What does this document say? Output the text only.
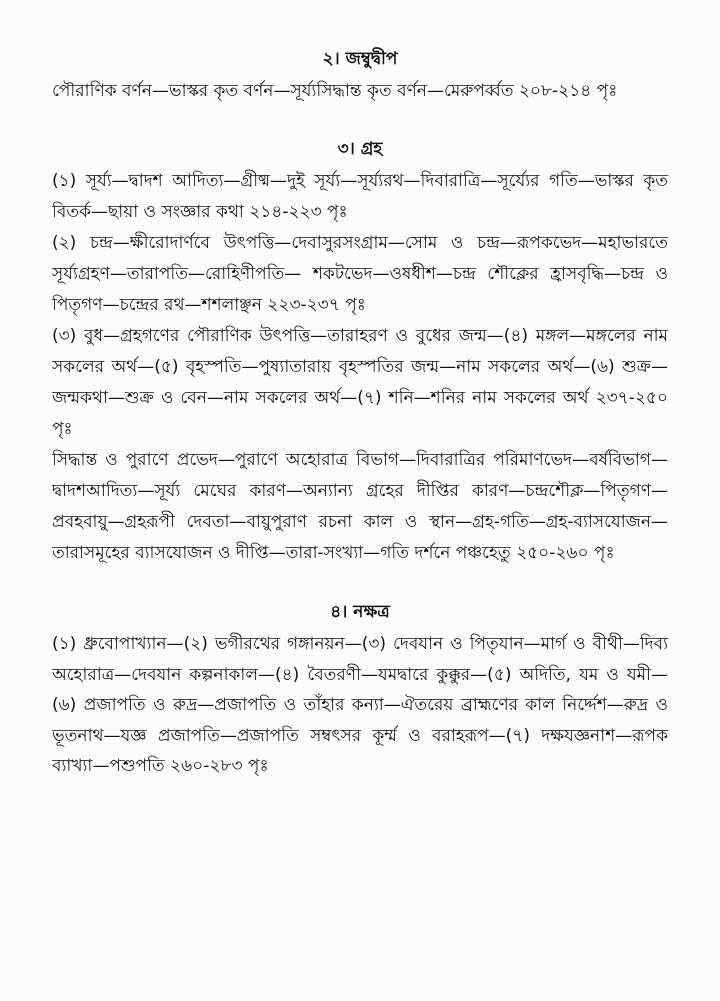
২। জম্বুদ্বীপ

পৌরাণিক বর্ণন—ভাস্কর কৃত বর্ণন—সূর্য্যসিদ্ধান্ত কৃত বর্ণন—মেরুপর্ব্বত ২০৮-২১৪ পৃঃ

৩। গ্রহ

(১) সূর্য্য—দ্বাদশ আদিত্য—গ্রীষ্ম—দুই সূর্য্য—সূর্য্যরথ—দিবারাত্রি—সূর্য্যের গতি—ভাস্কর কৃত বিতর্ক—ছায়া ও সংজ্ঞার কথা ২১৪-২২৩ পৃঃ

(২) চন্দ্র—ক্ষীরোদার্ণবে উৎপত্তি—দেবাসুরসংগ্রাম—সোম ও চন্দ্র—রূপকভেদ—মহাভারতে সূর্য্যগ্রহণ—তারাপতি—রোহিণীপতি— শকটভেদ—ওষধীশ—চন্দ্র শৌক্লের হ্রাসবৃদ্ধি—চন্দ্র ও পিতৃগণ—চন্দ্রের রথ—শশলাঞ্ছন ২২৩-২৩৭ পৃঃ

(৩) বুধ—গ্রহগণের পৌরাণিক উৎপত্তি—তারাহরণ ও বুধের জন্ম—(৪) মঙ্গল—মঙ্গলের নাম সকলের অর্থ—(৫) বৃহস্পতি—পুষ্যাতারায় বৃহস্পতির জন্ম—নাম সকলের অর্থ—(৬) শুক্র—জন্মকথা—শুক্র ও বেন—নাম সকলের অর্থ—(৭) শনি—শনির নাম সকলের অর্থ ২৩৭-২৫০ পৃঃ

সিদ্ধান্ত ও পুরাণে প্রভেদ—পুরাণে অহোরাত্র বিভাগ—দিবারাত্রির পরিমাণভেদ—বর্ষবিভাগ—দ্বাদশআদিত্য—সূর্য্য মেঘের কারণ—অন্যান্য গ্রহের দীপ্তির কারণ—চন্দ্রশৌক্ল—পিতৃগণ—প্রবহবায়ু—গ্রহরূপী দেবতা—বায়ুপুরাণ রচনা কাল ও স্থান—গ্রহ-গতি—গ্রহ-ব্যাসযোজন— তারাসমূহের ব্যাসযোজন ও দীপ্তি—তারা-সংখ্যা—গতি দর্শনে পঞ্চহেতু ২৫০-২৬০ পৃঃ

৪। নক্ষত্র

(১) ধ্রুবোপাখ্যান—(২) ভগীরথের গঙ্গানয়ন—(৩) দেবযান ও পিতৃযান—মার্গ ও বীথী—দিব্য অহোরাত্র—দেবযান কল্পনাকাল—(৪) বৈতরণী—যমদ্বারে কুক্কুর—(৫) অদিতি, যম ও যমী—(৬) প্রজাপতি ও রুদ্র—প্রজাপতি ও তাঁহার কন্যা—ঐতরেয় ব্রাহ্মণের কাল নির্দ্দেশ—রুদ্র ও ভূতনাথ—যজ্ঞ প্রজাপতি—প্রজাপতি সম্বৎসর কূর্ম্ম ও বরাহরূপ—(৭) দক্ষযজ্ঞনাশ—রূপক ব্যাখ্যা—পশুপতি ২৬০-২৮৩ পৃঃ
